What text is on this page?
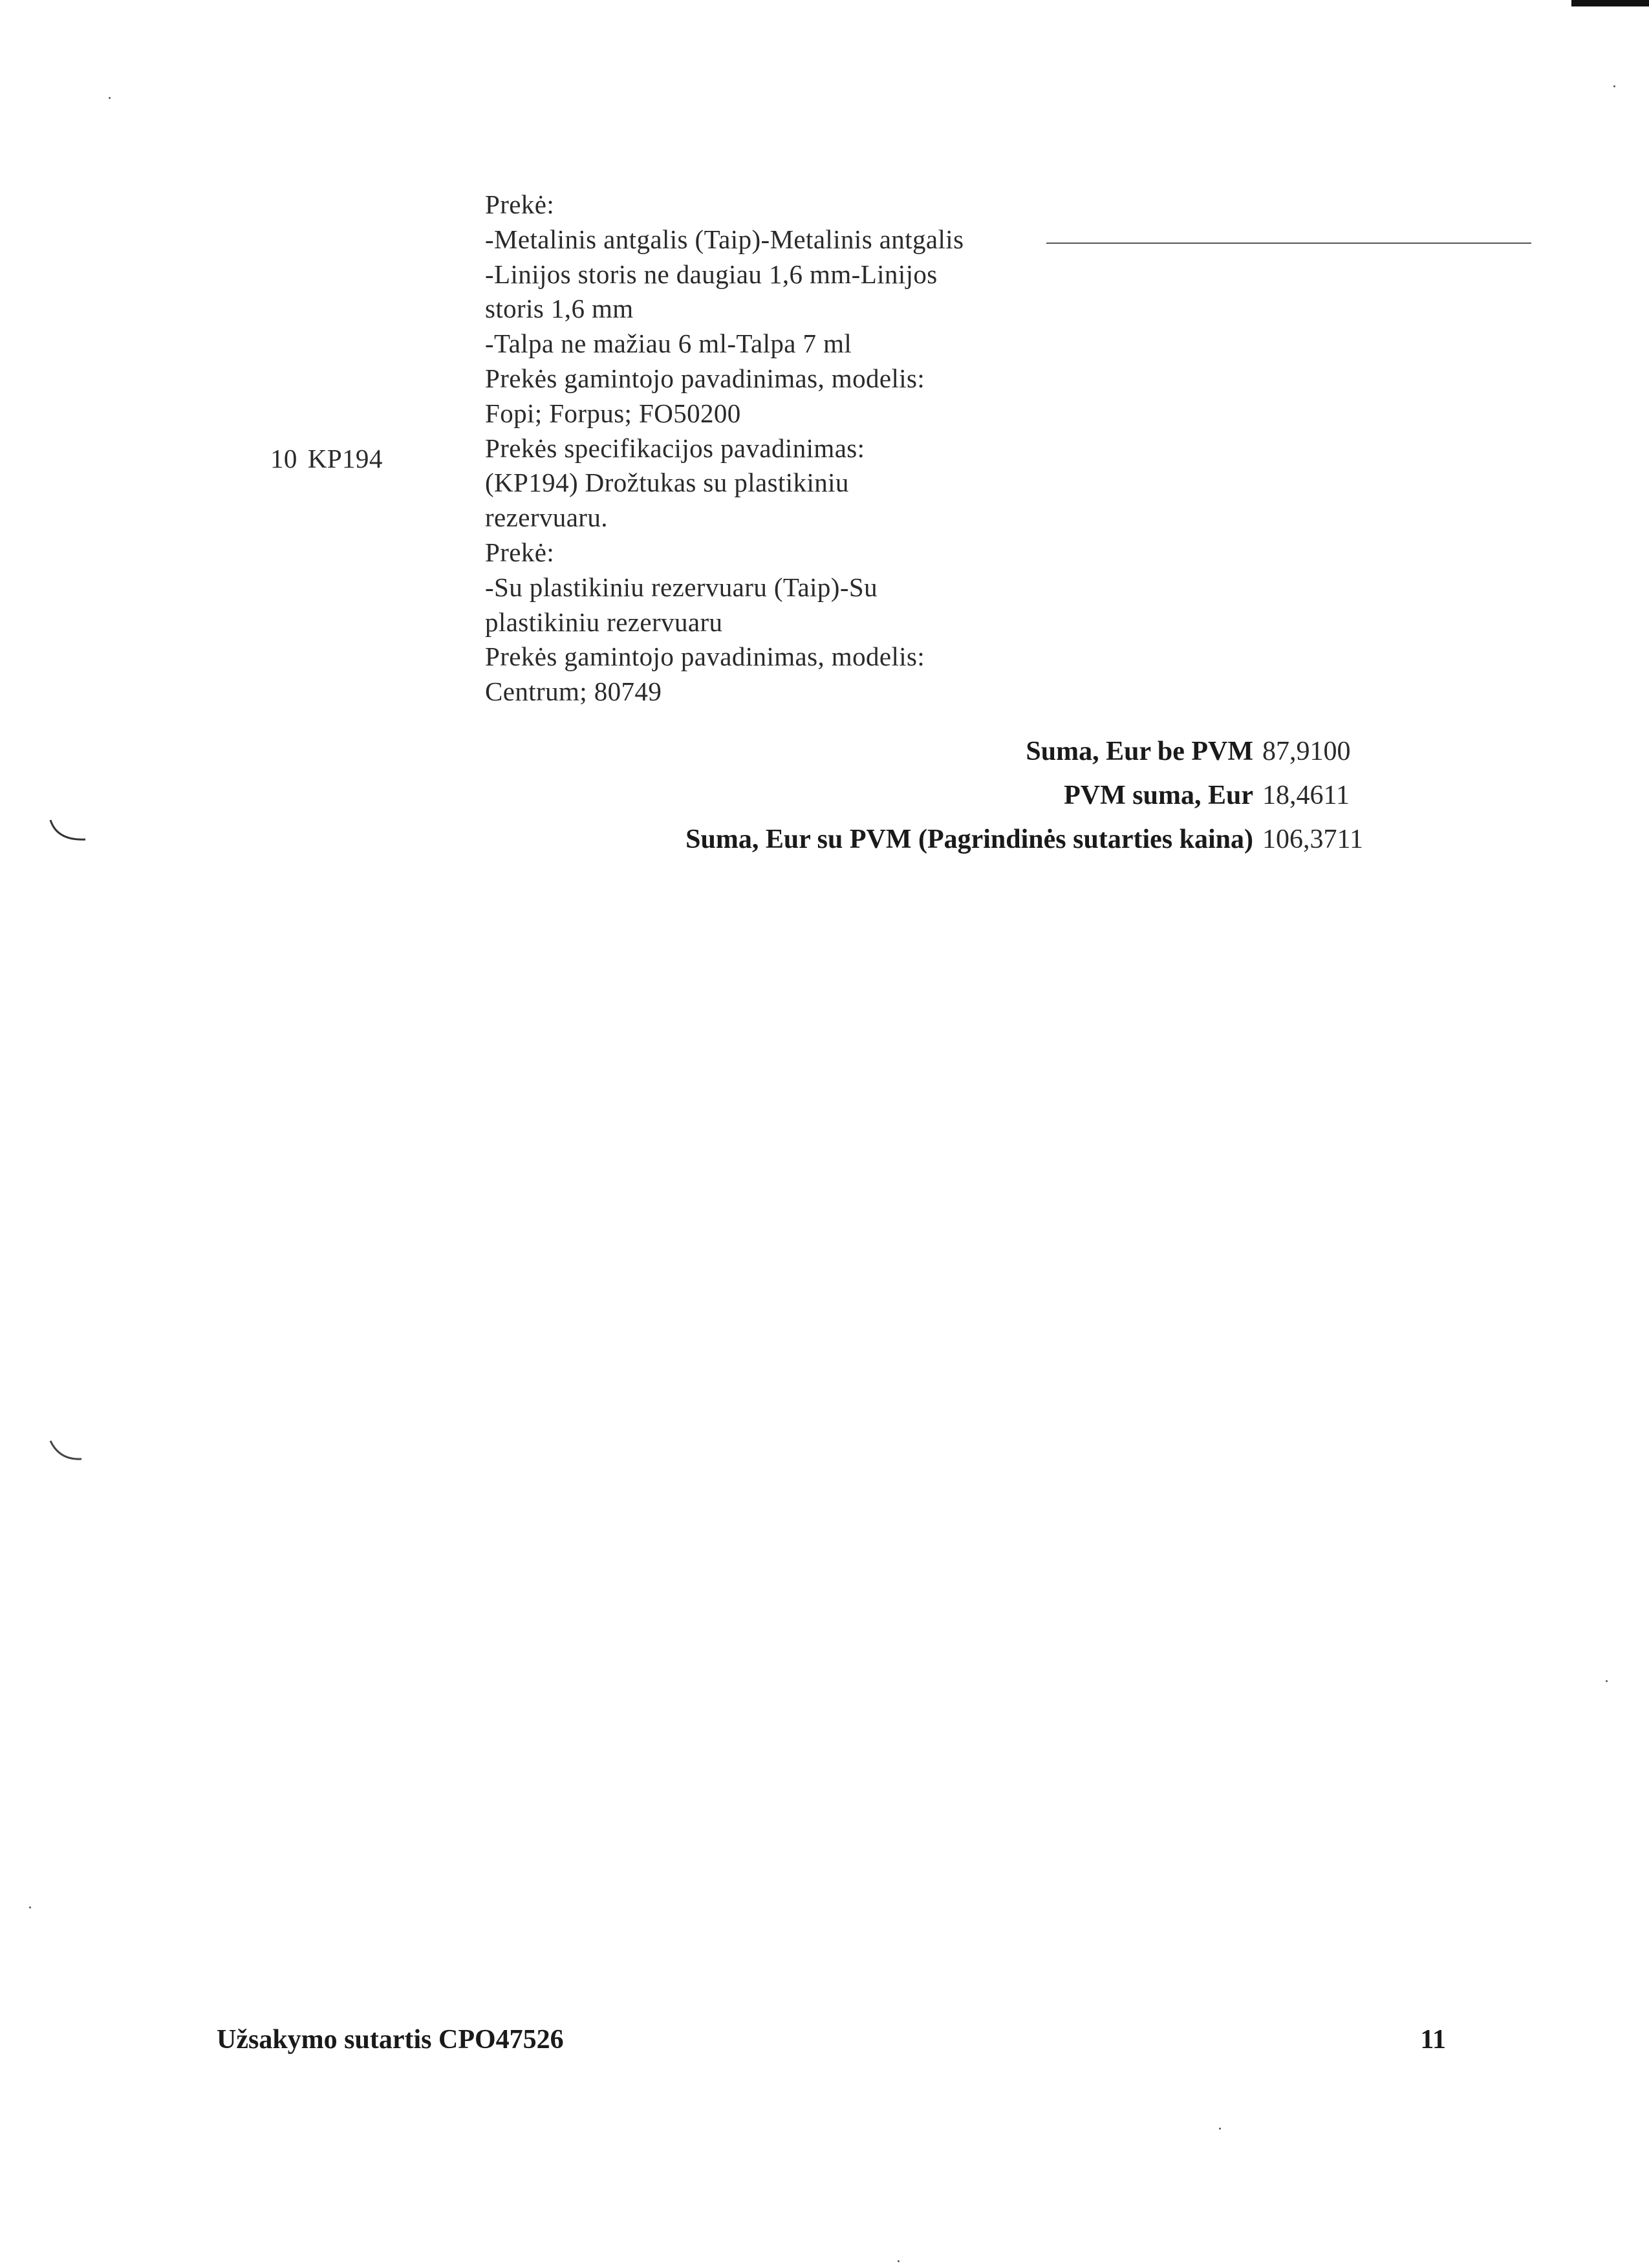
Prekė:
-Metalinis antgalis (Taip)-Metalinis antgalis
-Linijos storis ne daugiau 1,6 mm-Linijos
storis 1,6 mm
-Talpa ne mažiau 6 ml-Talpa 7 ml
Prekės gamintojo pavadinimas, modelis:
Fopi; Forpus; FO50200
Prekės specifikacijos pavadinimas:
(KP194) Drožtukas su plastikiniu
rezervuaru.
Prekė:
-Su plastikiniu rezervuaru (Taip)-Su
plastikiniu rezervuaru
Prekės gamintojo pavadinimas, modelis:
Centrum; 80749
10 KP194
Suma, Eur be PVM 87,9100
PVM suma, Eur 18,4611
Suma, Eur su PVM (Pagrindinės sutarties kaina) 106,3711
Užsakymo sutartis CPO47526	11
